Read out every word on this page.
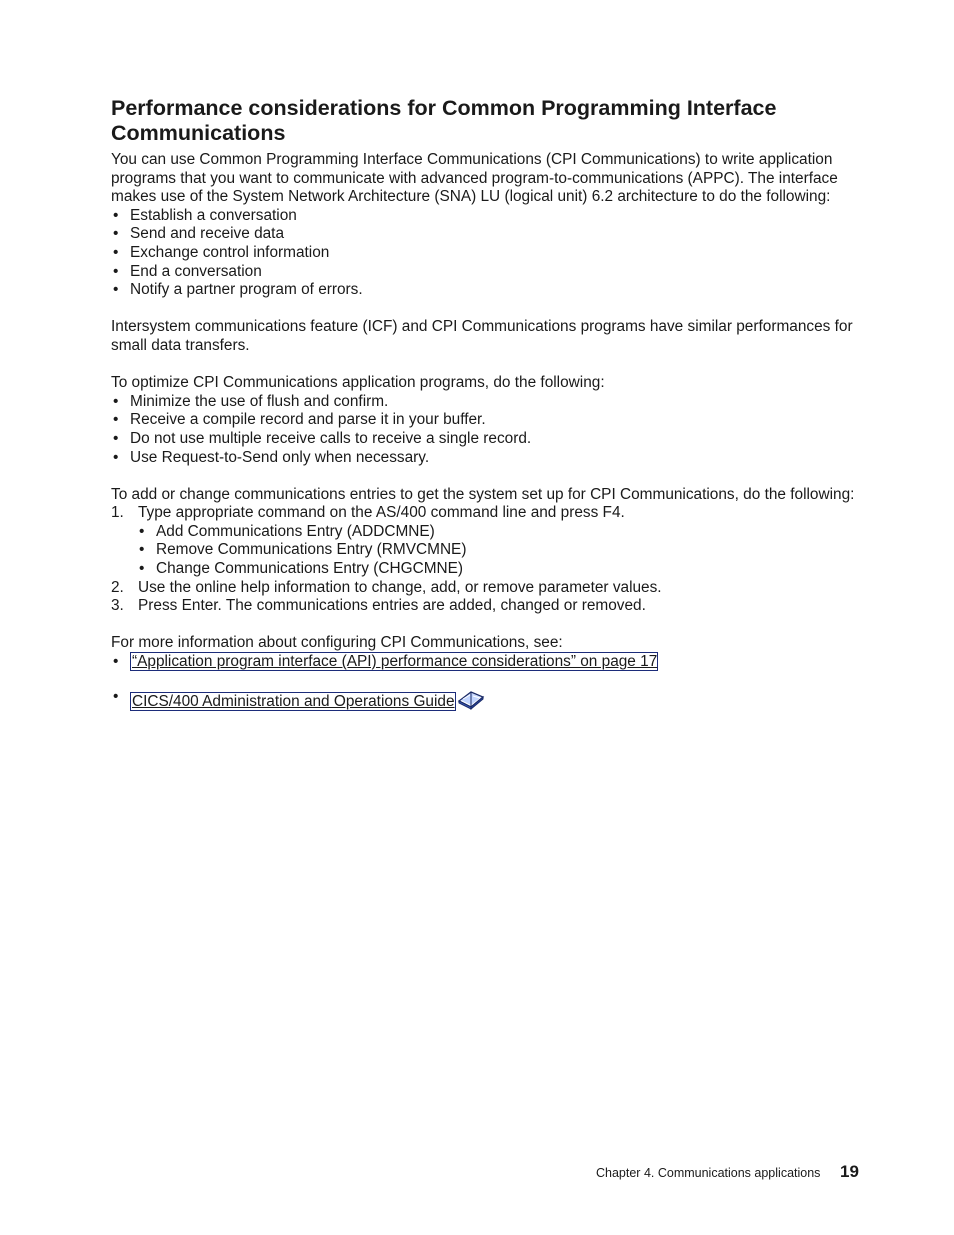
Performance considerations for Common Programming Interface Communications

You can use Common Programming Interface Communications (CPI Communications) to write application programs that you want to communicate with advanced program-to-communications (APPC). The interface makes use of the System Network Architecture (SNA) LU (logical unit) 6.2 architecture to do the following:

• Establish a conversation
• Send and receive data
• Exchange control information
• End a conversation
• Notify a partner program of errors.

Intersystem communications feature (ICF) and CPI Communications programs have similar performances for small data transfers.

To optimize CPI Communications application programs, do the following:

• Minimize the use of flush and confirm.
• Receive a compile record and parse it in your buffer.
• Do not use multiple receive calls to receive a single record.
• Use Request-to-Send only when necessary.

To add or change communications entries to get the system set up for CPI Communications, do the following:

1. Type appropriate command on the AS/400 command line and press F4.
• Add Communications Entry (ADDCMNE)
• Remove Communications Entry (RMVCMNE)
• Change Communications Entry (CHGCMNE)
2. Use the online help information to change, add, or remove parameter values.
3. Press Enter. The communications entries are added, changed or removed.

For more information about configuring CPI Communications, see:

• “Application program interface (API) performance considerations” on page 17
• CICS/400 Administration and Operations Guide
Chapter 4. Communications applications 19
